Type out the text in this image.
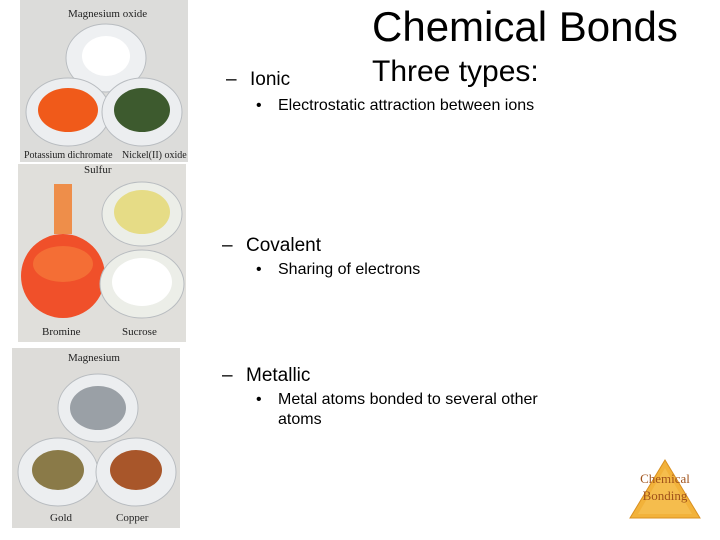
Chemical Bonds
Three types:
Magnesium oxide
Potassium dichromate Nickel(II) oxide
Sulfur
Bromine	Sucrose
Magnesium
Gold	Copper
– Ionic
• Electrostatic attraction between ions
– Covalent
• Sharing of electrons
– Metallic
• Metal atoms bonded to several other atoms
Chemical
Bonding
